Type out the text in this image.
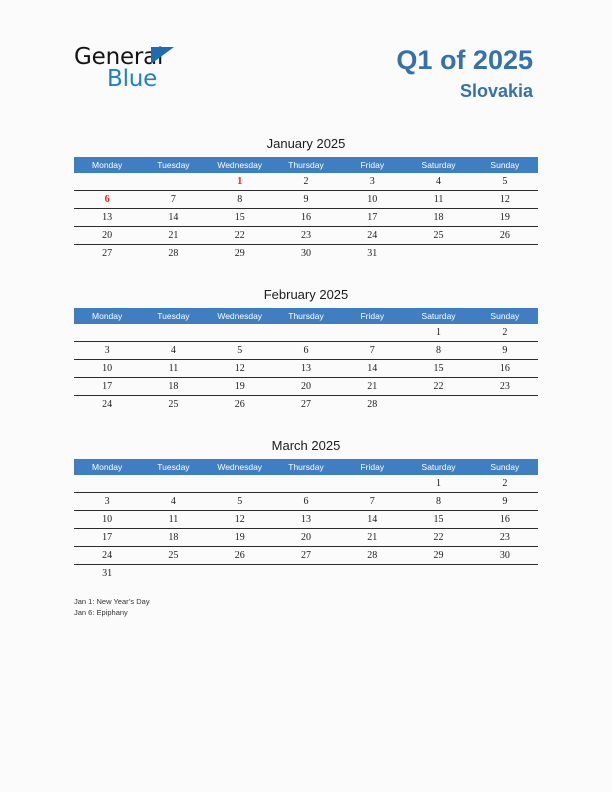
General
Blue
Q1 of 2025
Slovakia
January 2025
Monday	Tuesday	Wednesday	Thursday	Friday	Saturday	Sunday
		1	2	3	4	5
6	7	8	9	10	11	12
13	14	15	16	17	18	19
20	21	22	23	24	25	26
27	28	29	30	31		
February 2025
Monday	Tuesday	Wednesday	Thursday	Friday	Saturday	Sunday
					1	2
3	4	5	6	7	8	9
10	11	12	13	14	15	16
17	18	19	20	21	22	23
24	25	26	27	28		
March 2025
Monday	Tuesday	Wednesday	Thursday	Friday	Saturday	Sunday
					1	2
3	4	5	6	7	8	9
10	11	12	13	14	15	16
17	18	19	20	21	22	23
24	25	26	27	28	29	30
31						
Jan 1: New Year’s Day
Jan 6: Epiphany
